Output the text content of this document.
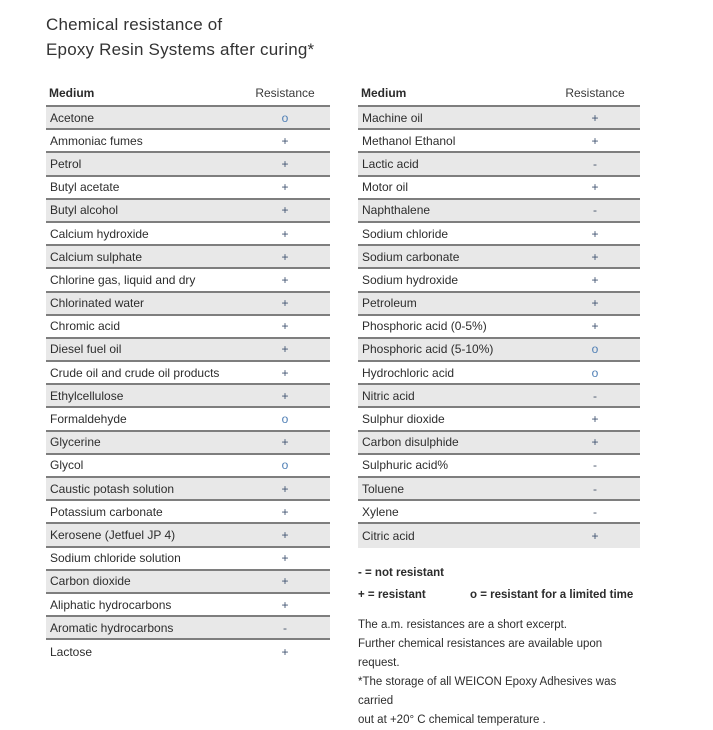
Chemical resistance of
Epoxy Resin Systems after curing*
Medium	Resistance
Acetone	o
Ammoniac fumes	+
Petrol	+
Butyl acetate	+
Butyl alcohol	+
Calcium hydroxide	+
Calcium sulphate	+
Chlorine gas, liquid and dry	+
Chlorinated water	+
Chromic acid	+
Diesel fuel oil	+
Crude oil and crude oil products	+
Ethylcellulose	+
Formaldehyde	o
Glycerine	+
Glycol	o
Caustic potash solution	+
Potassium carbonate	+
Kerosene (Jetfuel JP 4)	+
Sodium chloride solution	+
Carbon dioxide	+
Aliphatic hydrocarbons	+
Aromatic hydrocarbons	-
Lactose	+
Medium	Resistance
Machine oil	+
Methanol Ethanol	+
Lactic acid	-
Motor oil	+
Naphthalene	-
Sodium chloride	+
Sodium carbonate	+
Sodium hydroxide	+
Petroleum	+
Phosphoric acid (0-5%)	+
Phosphoric acid (5-10%)	o
Hydrochloric acid	o
Nitric acid	-
Sulphur dioxide	+
Carbon disulphide	+
Sulphuric acid%	-
Toluene	-
Xylene	-
Citric acid	+
- = not resistant
+ = resistant	o = resistant for a limited time
The a.m. resistances are a short excerpt.
Further chemical resistances are available upon request.
*The storage of all WEICON Epoxy Adhesives was carried
out at +20° C chemical temperature .
